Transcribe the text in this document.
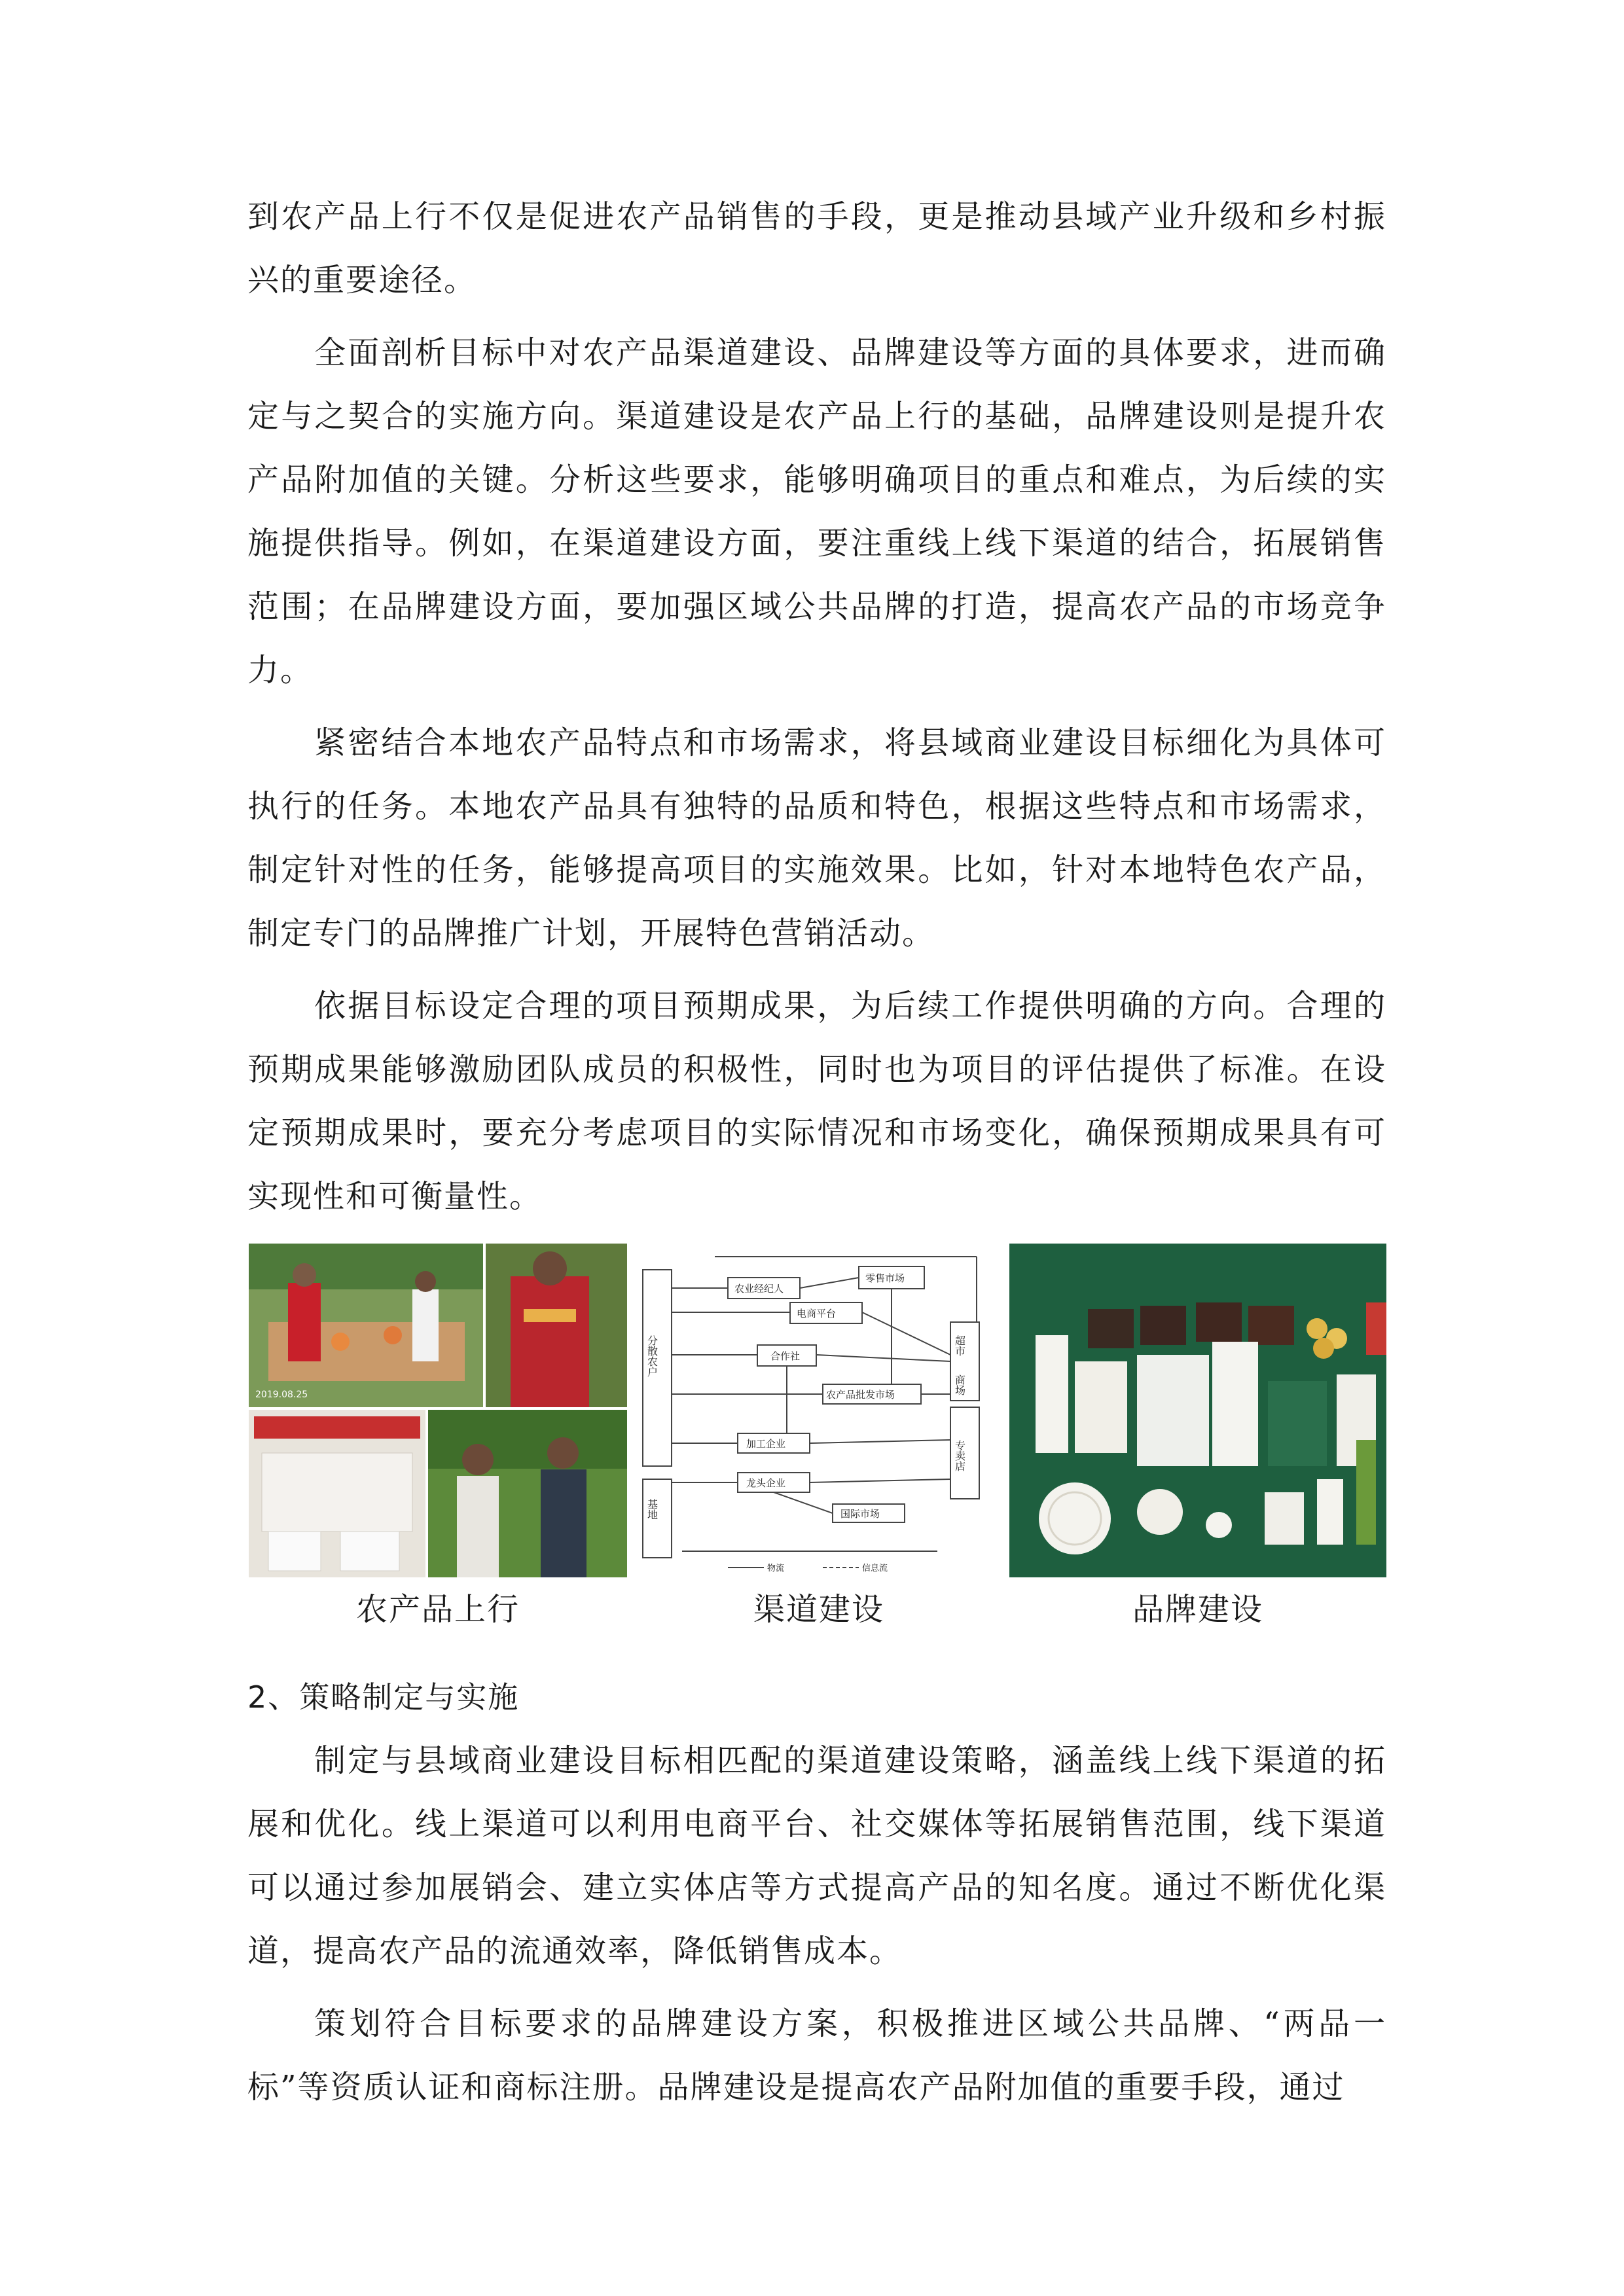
到农产品上行不仅是促进农产品销售的手段，更是推动县域产业升级和乡村振兴的重要途径。

全面剖析目标中对农产品渠道建设、品牌建设等方面的具体要求，进而确定与之契合的实施方向。渠道建设是农产品上行的基础，品牌建设则是提升农产品附加值的关键。分析这些要求，能够明确项目的重点和难点，为后续的实施提供指导。例如，在渠道建设方面，要注重线上线下渠道的结合，拓展销售范围；在品牌建设方面，要加强区域公共品牌的打造，提高农产品的市场竞争力。

紧密结合本地农产品特点和市场需求，将县域商业建设目标细化为具体可执行的任务。本地农产品具有独特的品质和特色，根据这些特点和市场需求，制定针对性的任务，能够提高项目的实施效果。比如，针对本地特色农产品，制定专门的品牌推广计划，开展特色营销活动。

依据目标设定合理的项目预期成果，为后续工作提供明确的方向。合理的预期成果能够激励团队成员的积极性，同时也为项目的评估提供了标准。在设定预期成果时，要充分考虑项目的实际情况和市场变化，确保预期成果具有可实现性和可衡量性。

2019.08.25
农业经纪人
零售市场
电商平台
合作社
农产品批发市场
加工企业
龙头企业
国际市场
物流	信息流
分散农户
基地
超市
商场
专卖店
农产品上行	渠道建设	品牌建设

2、策略制定与实施

制定与县域商业建设目标相匹配的渠道建设策略，涵盖线上线下渠道的拓展和优化。线上渠道可以利用电商平台、社交媒体等拓展销售范围，线下渠道可以通过参加展销会、建立实体店等方式提高产品的知名度。通过不断优化渠道，提高农产品的流通效率，降低销售成本。

策划符合目标要求的品牌建设方案，积极推进区域公共品牌、“两品一标”等资质认证和商标注册。品牌建设是提高农产品附加值的重要手段，通过
